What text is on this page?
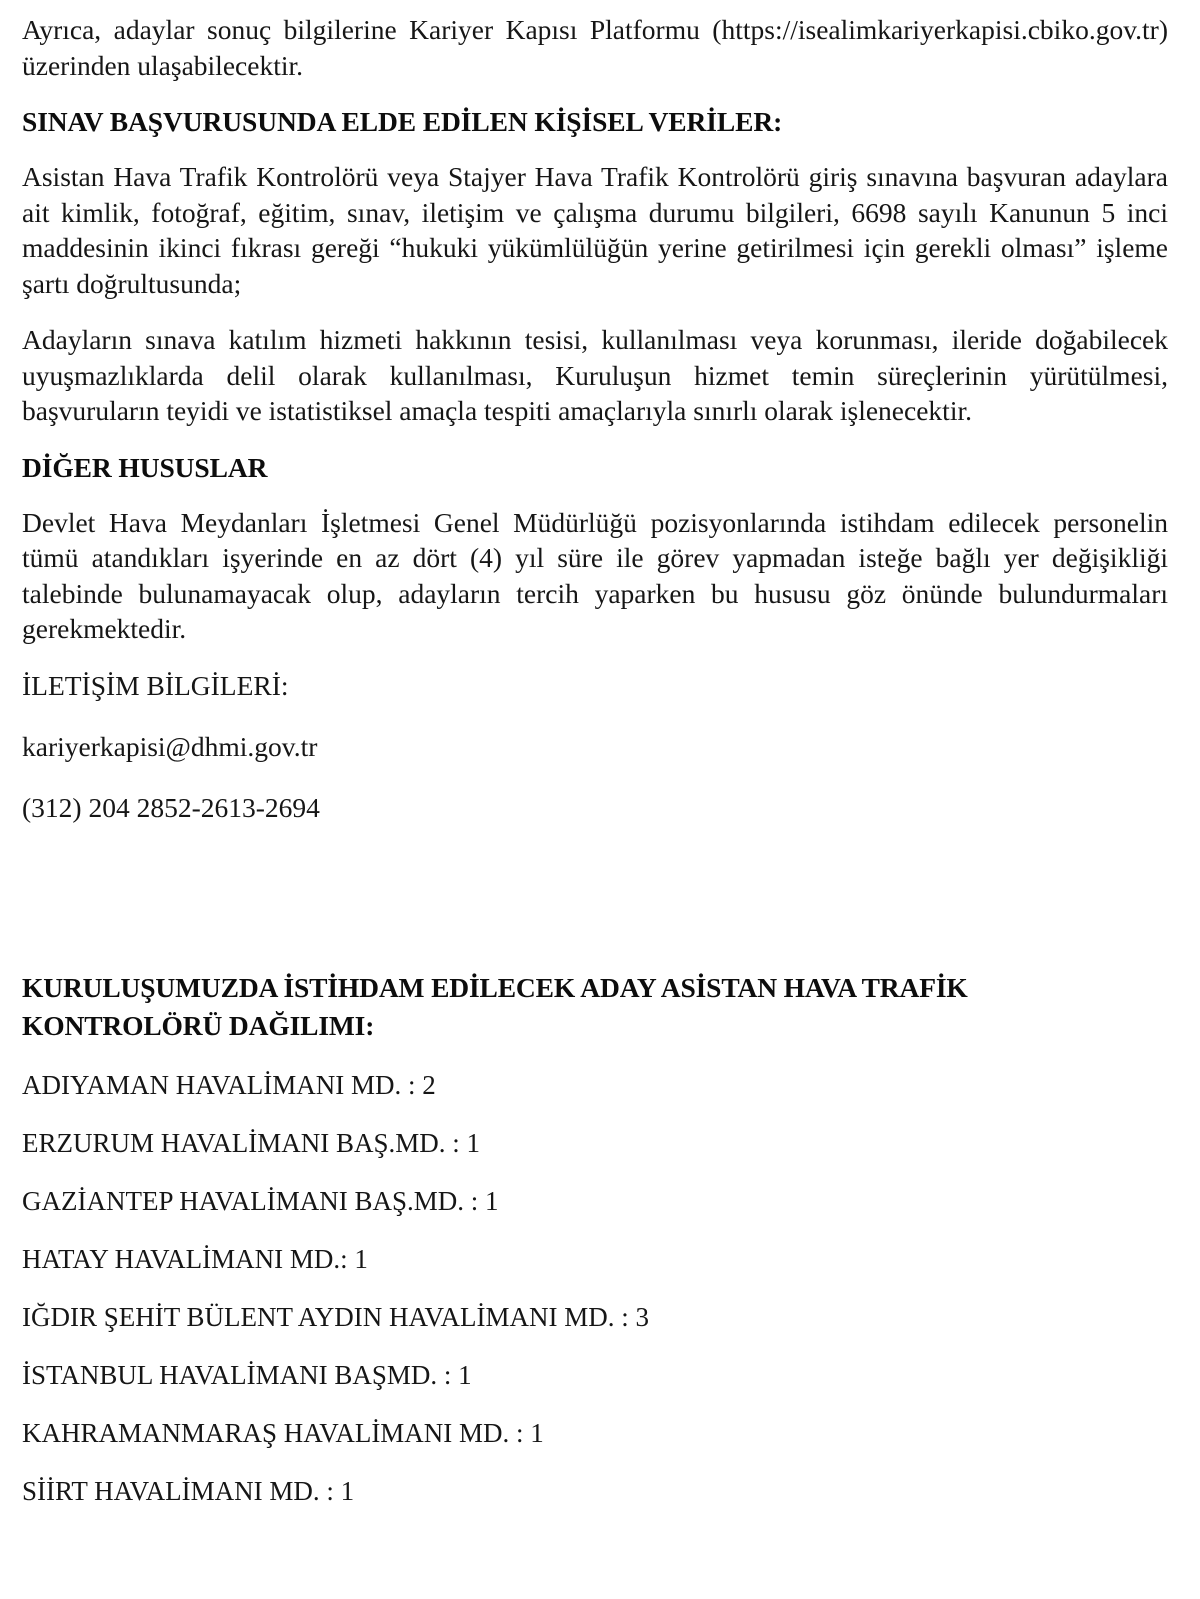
Ayrıca, adaylar sonuç bilgilerine Kariyer Kapısı Platformu (https://isealimkariyerkapisi.cbiko.gov.tr) üzerinden ulaşabilecektir.

SINAV BAŞVURUSUNDA ELDE EDİLEN KİŞİSEL VERİLER:

Asistan Hava Trafik Kontrolörü veya Stajyer Hava Trafik Kontrolörü giriş sınavına başvuran adaylara ait kimlik, fotoğraf, eğitim, sınav, iletişim ve çalışma durumu bilgileri, 6698 sayılı Kanunun 5 inci maddesinin ikinci fıkrası gereği “hukuki yükümlülüğün yerine getirilmesi için gerekli olması” işleme şartı doğrultusunda;

Adayların sınava katılım hizmeti hakkının tesisi, kullanılması veya korunması, ileride doğabilecek uyuşmazlıklarda delil olarak kullanılması, Kuruluşun hizmet temin süreçlerinin yürütülmesi, başvuruların teyidi ve istatistiksel amaçla tespiti amaçlarıyla sınırlı olarak işlenecektir.

DİĞER HUSUSLAR

Devlet Hava Meydanları İşletmesi Genel Müdürlüğü pozisyonlarında istihdam edilecek personelin tümü atandıkları işyerinde en az dört (4) yıl süre ile görev yapmadan isteğe bağlı yer değişikliği talebinde bulunamayacak olup, adayların tercih yaparken bu hususu göz önünde bulundurmaları gerekmektedir.

İLETİŞİM BİLGİLERİ:

kariyerkapisi@dhmi.gov.tr

(312) 204 2852-2613-2694

KURULUŞUMUZDA İSTİHDAM EDİLECEK ADAY ASİSTAN HAVA TRAFİK KONTROLÖRÜ DAĞILIMI:
ADIYAMAN HAVALİMANI MD. : 2
ERZURUM HAVALİMANI BAŞ.MD. : 1
GAZİANTEP HAVALİMANI BAŞ.MD. : 1
HATAY HAVALİMANI MD.: 1
IĞDIR ŞEHİT BÜLENT AYDIN HAVALİMANI MD. : 3
İSTANBUL HAVALİMANI BAŞMD. : 1
KAHRAMANMARAŞ HAVALİMANI MD. : 1
SİİRT HAVALİMANI MD. : 1
